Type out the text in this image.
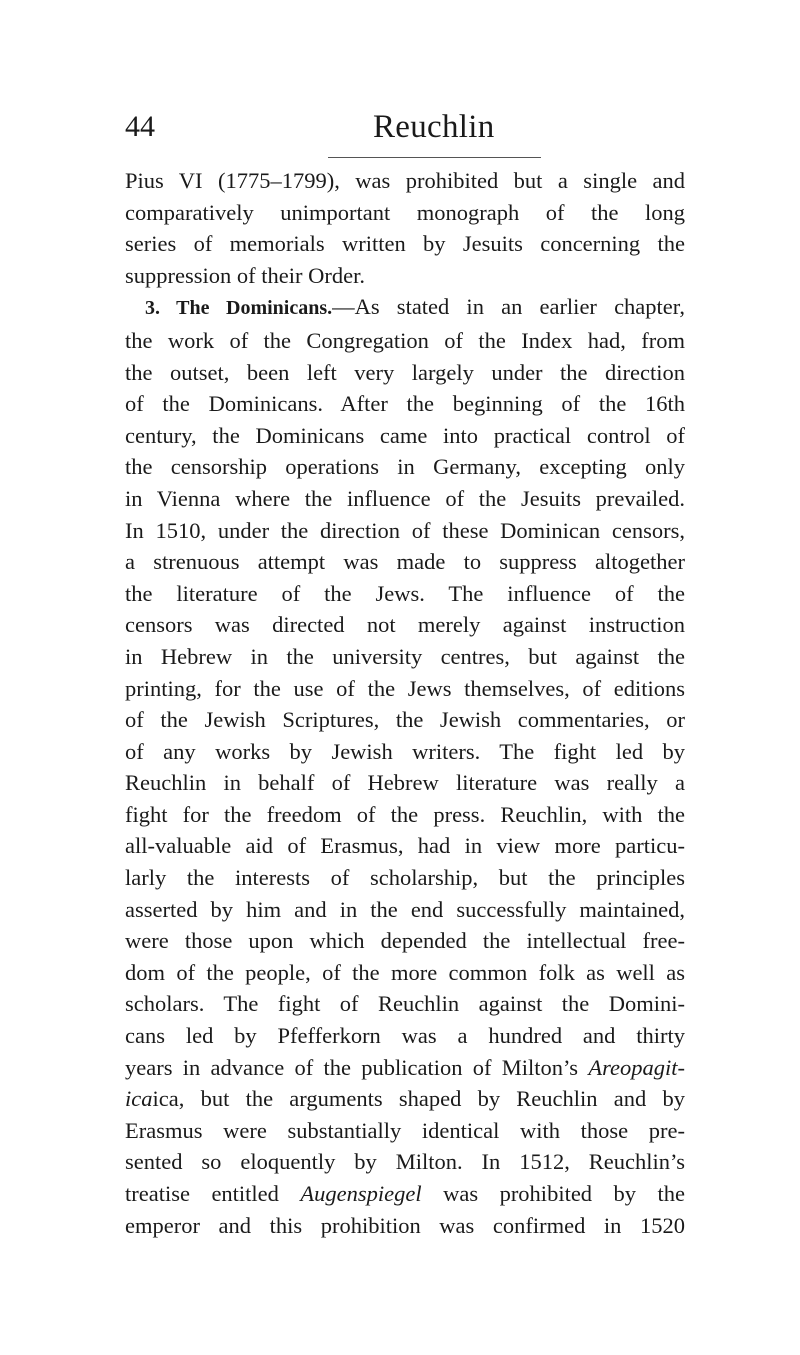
44	Reuchlin
Pius VI (1775–1799), was prohibited but a single and
comparatively unimportant monograph of the long
series of memorials written by Jesuits concerning the
suppression of their Order.
3. The Dominicans.—As stated in an earlier chapter,
the work of the Congregation of the Index had, from
the outset, been left very largely under the direction
of the Dominicans. After the beginning of the 16th
century, the Dominicans came into practical control of
the censorship operations in Germany, excepting only
in Vienna where the influence of the Jesuits prevailed.
In 1510, under the direction of these Dominican censors,
a strenuous attempt was made to suppress altogether
the literature of the Jews. The influence of the
censors was directed not merely against instruction
in Hebrew in the university centres, but against the
printing, for the use of the Jews themselves, of editions
of the Jewish Scriptures, the Jewish commentaries, or
of any works by Jewish writers. The fight led by
Reuchlin in behalf of Hebrew literature was really a
fight for the freedom of the press. Reuchlin, with the
all-valuable aid of Erasmus, had in view more particu-
larly the interests of scholarship, but the principles
asserted by him and in the end successfully maintained,
were those upon which depended the intellectual free-
dom of the people, of the more common folk as well as
scholars. The fight of Reuchlin against the Domini-
cans led by Pfefferkorn was a hundred and thirty
years in advance of the publication of Milton’s Areopagit-
icaica, but the arguments shaped by Reuchlin and by
Erasmus were substantially identical with those pre-
sented so eloquently by Milton. In 1512, Reuchlin’s
treatise entitled Augenspiegel was prohibited by the
emperor and this prohibition was confirmed in 1520
